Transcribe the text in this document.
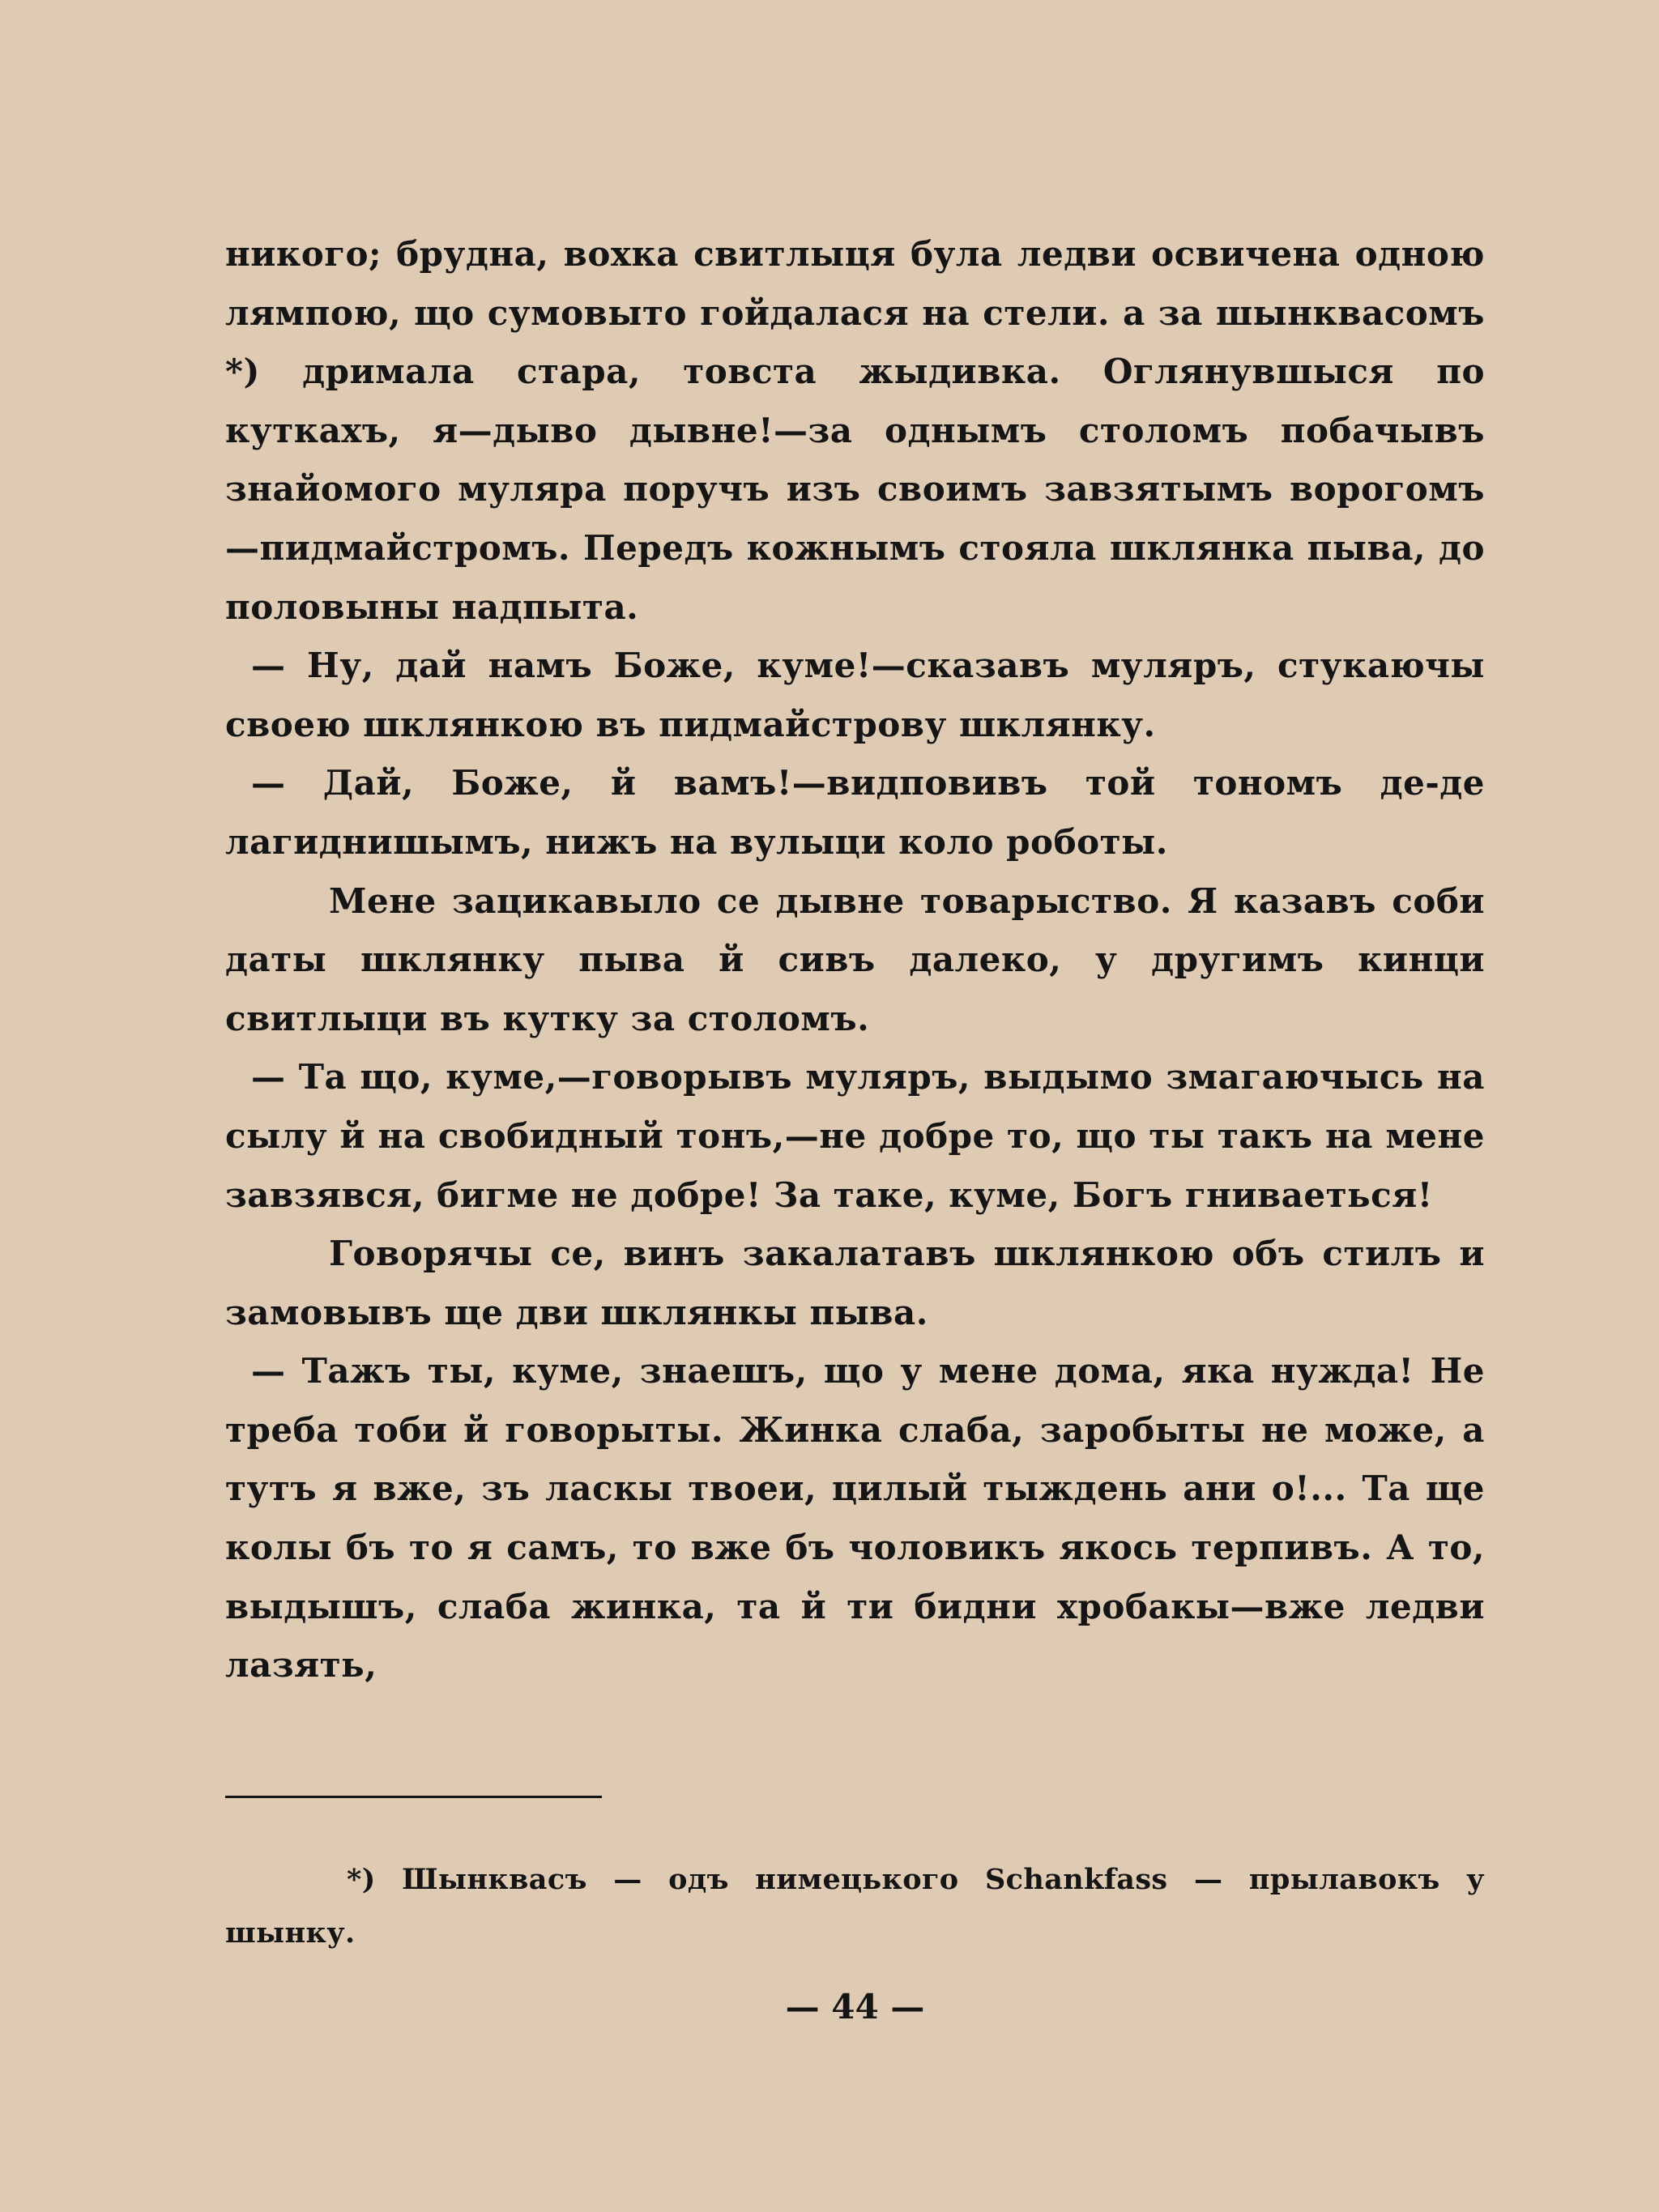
никого; брудна, вохка свитлыця була ледви освичена одною лямпою, що сумовыто гойдалася на стели. а за шынквасомъ *) дримала стара, товста жыдивка. Оглянувшыся по куткахъ, я—дыво дывне!—за однымъ столомъ побачывъ знайомого муляра поручъ изъ своимъ завзятымъ ворогомъ—пидмайстромъ. Передъ кожнымъ стояла шклянка пыва, до половыны надпыта.

— Ну, дай намъ Боже, куме!—сказавъ муляръ, стукаючы своею шклянкою въ пидмайстрову шклянку.

— Дай, Боже, й вамъ!—видповивъ той тономъ де-де лагиднишымъ, нижъ на вулыци коло роботы.

Мене зацикавыло се дывне товарыство. Я казавъ соби даты шклянку пыва й сивъ далеко, у другимъ кинци свитлыци въ кутку за столомъ.

— Та що, куме,—говорывъ муляръ, выдымо змагаючысь на сылу й на свобидный тонъ,—не добре то, що ты такъ на мене завзявся, бигме не добре! За таке, куме, Богъ гниваеться!

Говорячы се, винъ закалатавъ шклянкою объ стилъ и замовывъ ще дви шклянкы пыва.

— Тажъ ты, куме, знаешъ, що у мене дома, яка нужда! Не треба тоби й говорыты. Жинка слаба, заробыты не може, а тутъ я вже, зъ ласкы твоеи, цилый тыждень ани о!... Та ще колы бъ то я самъ, то вже бъ чоловикъ якось терпивъ. А то, выдышъ, слаба жинка, та й ти бидни хробакы—вже ледви лазять,

*) Шынквасъ — одъ нимецького Schankfass — прылавокъ у шынку.

— 44 —
